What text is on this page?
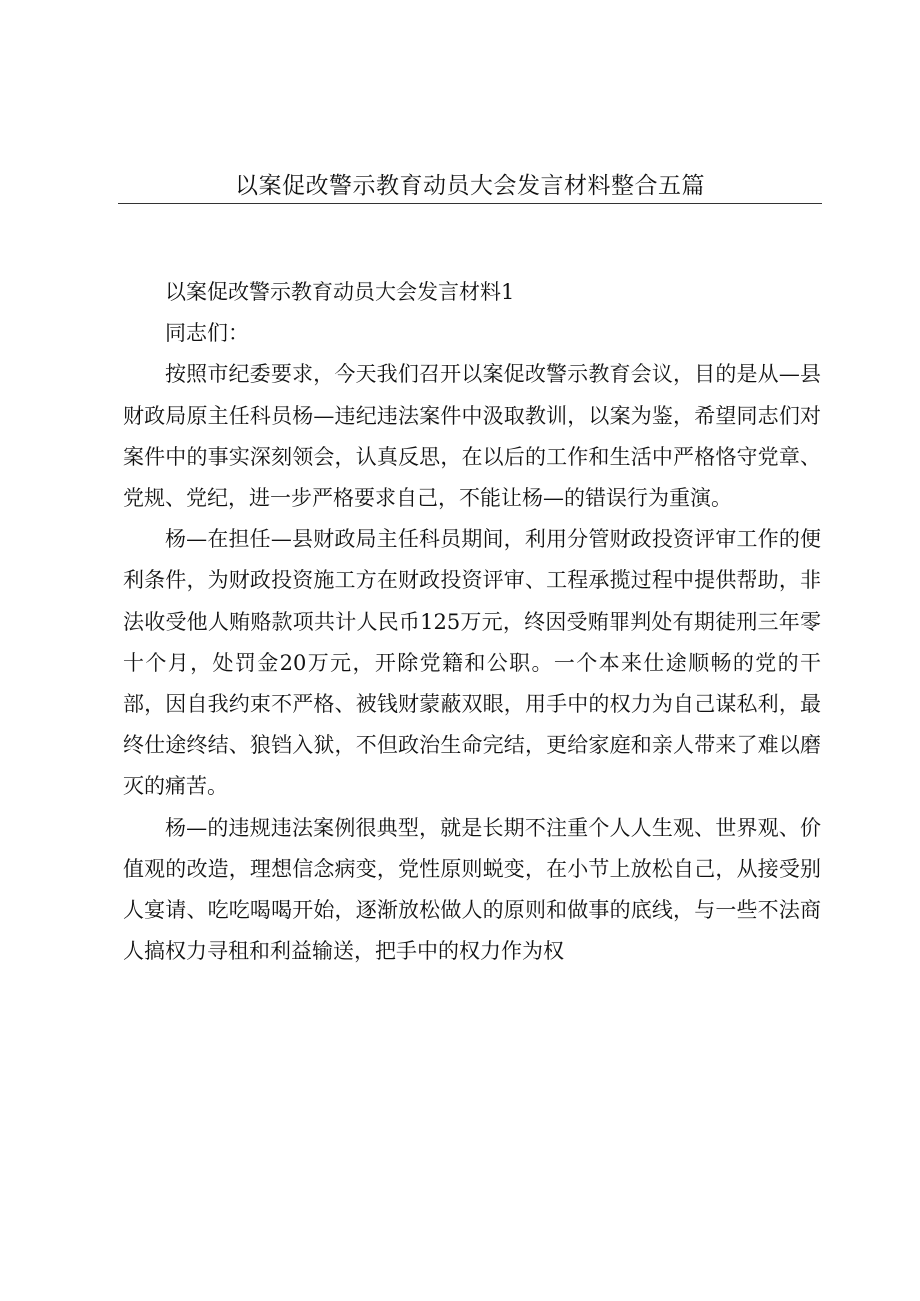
以案促改警示教育动员大会发言材料整合五篇

以案促改警示教育动员大会发言材料1

同志们：

按照市纪委要求，今天我们召开以案促改警示教育会议，目的是从—县财政局原主任科员杨—违纪违法案件中汲取教训，以案为鉴，希望同志们对案件中的事实深刻领会，认真反思，在以后的工作和生活中严格恪守党章、党规、党纪，进一步严格要求自己，不能让杨—的错误行为重演。

杨—在担任—县财政局主任科员期间，利用分管财政投资评审工作的便利条件，为财政投资施工方在财政投资评审、工程承揽过程中提供帮助，非法收受他人贿赂款项共计人民币125万元，终因受贿罪判处有期徒刑三年零十个月，处罚金20万元，开除党籍和公职。一个本来仕途顺畅的党的干部，因自我约束不严格、被钱财蒙蔽双眼，用手中的权力为自己谋私利，最终仕途终结、狼铛入狱，不但政治生命完结，更给家庭和亲人带来了难以磨灭的痛苦。

杨—的违规违法案例很典型，就是长期不注重个人人生观、世界观、价值观的改造，理想信念病变，党性原则蜕变，在小节上放松自己，从接受别人宴请、吃吃喝喝开始，逐渐放松做人的原则和做事的底线，与一些不法商人搞权力寻租和利益输送，把手中的权力作为权
